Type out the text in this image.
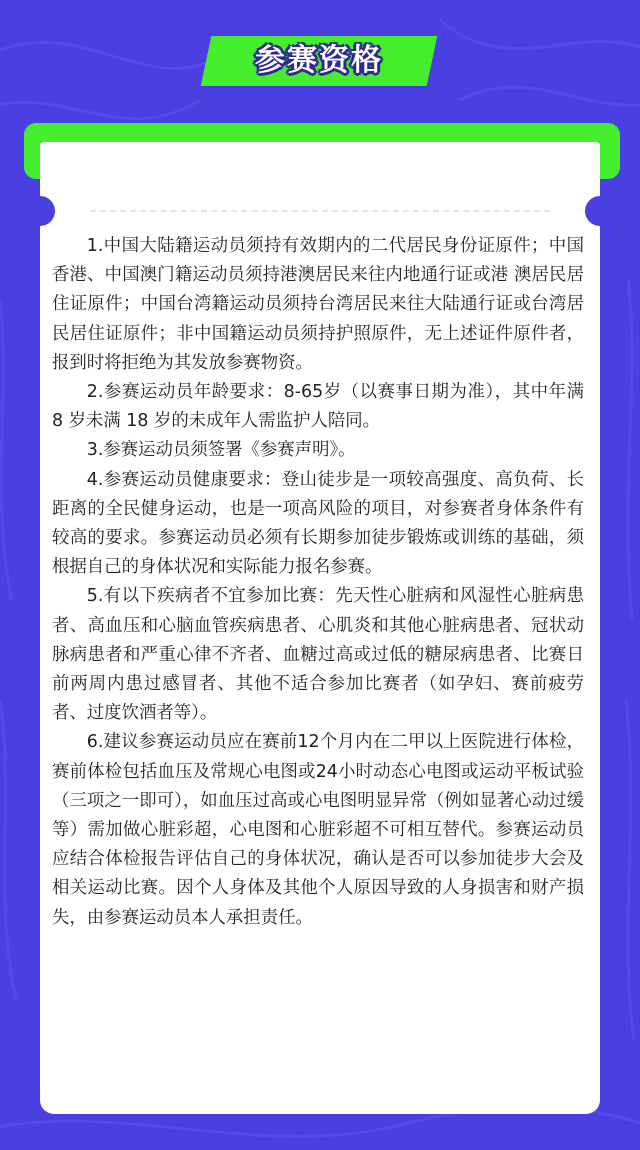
参赛资格

1.中国大陆籍运动员须持有效期内的二代居民身份证原件；中国香港、中国澳门籍运动员须持港澳居民来往内地通行证或港 澳居民居住证原件；中国台湾籍运动员须持台湾居民来往大陆通行证或台湾居民居住证原件；非中国籍运动员须持护照原件，无上述证件原件者，报到时将拒绝为其发放参赛物资。

2.参赛运动员年龄要求：8-65岁（以赛事日期为准），其中年满 8 岁未满 18 岁的未成年人需监护人陪同。

3.参赛运动员须签署《参赛声明》。

4.参赛运动员健康要求：登山徒步是一项较高强度、高负荷、长距离的全民健身运动，也是一项高风险的项目，对参赛者身体条件有较高的要求。参赛运动员必须有长期参加徒步锻炼或训练的基础，须根据自己的身体状况和实际能力报名参赛。

5.有以下疾病者不宜参加比赛：先天性心脏病和风湿性心脏病患者、高血压和心脑血管疾病患者、心肌炎和其他心脏病患者、冠状动脉病患者和严重心律不齐者、血糖过高或过低的糖尿病患者、比赛日前两周内患过感冒者、其他不适合参加比赛者（如孕妇、赛前疲劳者、过度饮酒者等）。

6.建议参赛运动员应在赛前12个月内在二甲以上医院进行体检，赛前体检包括血压及常规心电图或24小时动态心电图或运动平板试验（三项之一即可），如血压过高或心电图明显异常（例如显著心动过缓等）需加做心脏彩超，心电图和心脏彩超不可相互替代。参赛运动员应结合体检报告评估自己的身体状况，确认是否可以参加徒步大会及相关运动比赛。因个人身体及其他个人原因导致的人身损害和财产损失，由参赛运动员本人承担责任。
